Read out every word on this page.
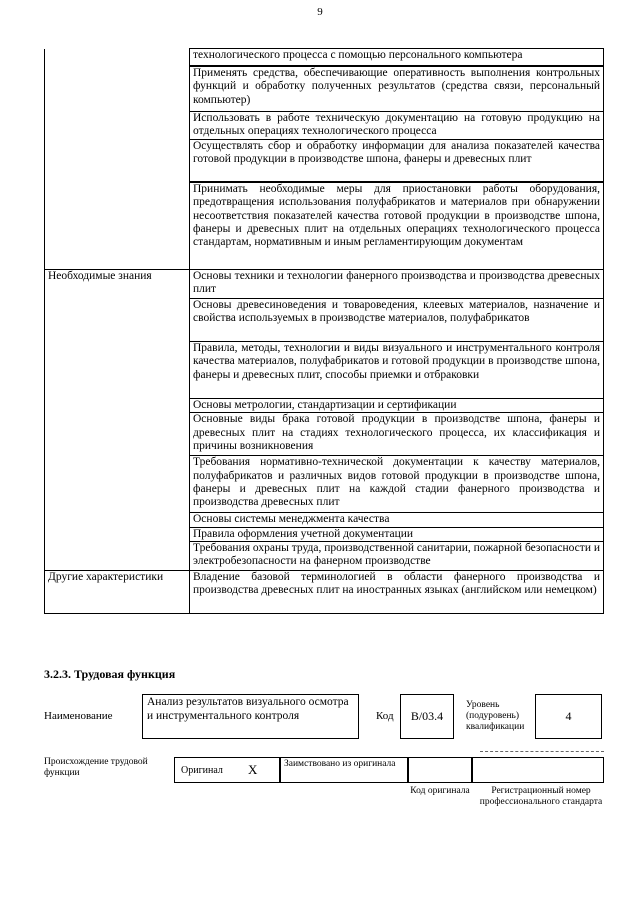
9
	технологического процесса с помощью персонального компьютера
	Применять средства, обеспечивающие оперативность выполнения контрольных функций и обработку полученных результатов (средства связи, персональный компьютер)
	Использовать в работе техническую документацию на готовую продукцию на отдельных операциях технологического процесса
	Осуществлять сбор и обработку информации для анализа показателей качества готовой продукции в производстве шпона, фанеры и древесных плит
	Принимать необходимые меры для приостановки работы оборудования, предотвращения использования полуфабрикатов и материалов при обнаружении несоответствия показателей качества готовой продукции в производстве шпона, фанеры и древесных плит на отдельных операциях технологического процесса стандартам, нормативным и иным регламентирующим документам
Необходимые знания	Основы техники и технологии фанерного производства и производства древесных плит
	Основы древесиноведения и товароведения, клеевых материалов, назначение и свойства используемых в производстве материалов, полуфабрикатов
	Правила, методы, технологии и виды визуального и инструментального контроля качества материалов, полуфабрикатов и готовой продукции в производстве шпона, фанеры и древесных плит, способы приемки и отбраковки
	Основы метрологии, стандартизации и сертификации
	Основные виды брака готовой продукции в производстве шпона, фанеры и древесных плит на стадиях технологического процесса, их классификация и причины возникновения
	Требования нормативно-технической документации к качеству материалов, полуфабрикатов и различных видов готовой продукции в производстве шпона, фанеры и древесных плит на каждой стадии фанерного производства и производства древесных плит
	Основы системы менеджмента качества
	Правила оформления учетной документации
	Требования охраны труда, производственной санитарии, пожарной безопасности и электробезопасности на фанерном производстве
Другие характеристики	Владение базовой терминологией в области фанерного производства и производства древесных плит на иностранных языках (английском или немецком)
3.2.3. Трудовая функция
Наименование
Анализ результатов визуального осмотра и инструментального контроля	Код	В/03.4
Уровень (подуровень) квалификации
4
Происхождение трудовой функции	Оригинал X	Заимствовано из оригинала
Код оригинала	Регистрационный номер профессионального стандарта
